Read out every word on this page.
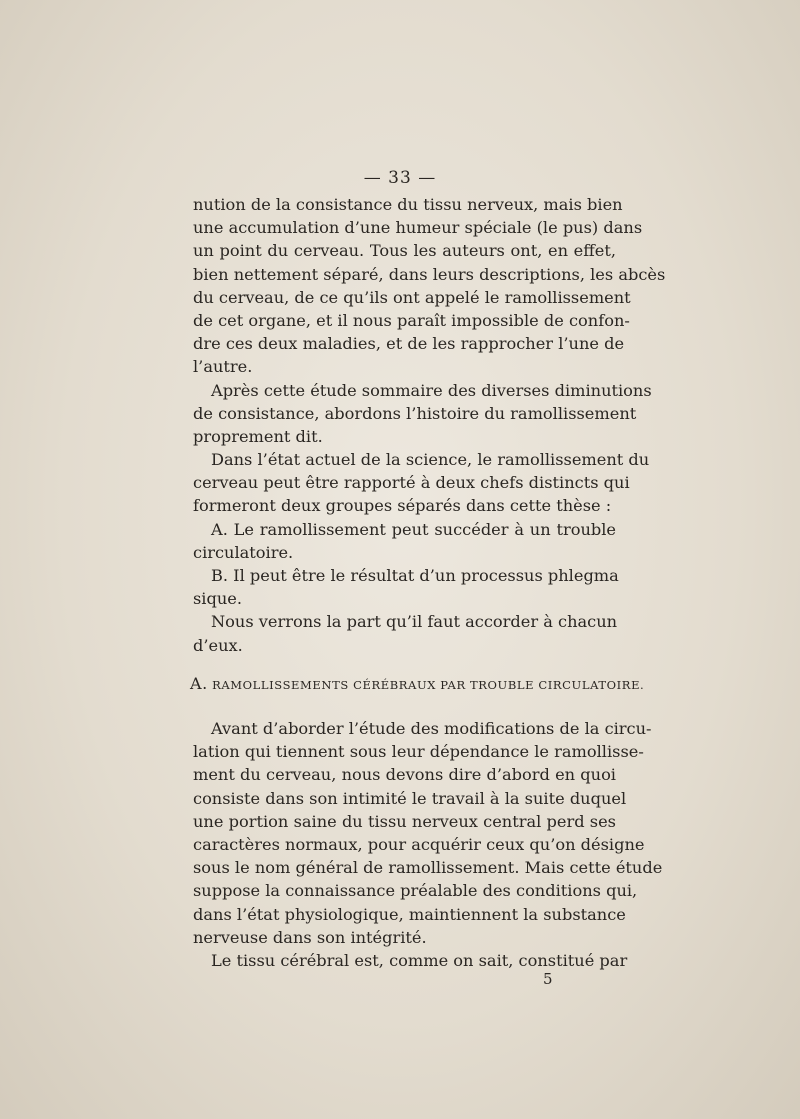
— 33 —
nution de la consistance du tissu nerveux, mais bien
une accumulation d’une humeur spéciale (le pus) dans
un point du cerveau. Tous les auteurs ont, en effet,
bien nettement séparé, dans leurs descriptions, les abcès
du cerveau, de ce qu’ils ont appelé le ramollissement
de cet organe, et il nous paraît impossible de confon-
dre ces deux maladies, et de les rapprocher l’une de
l’autre.
Après cette étude sommaire des diverses diminutions
de consistance, abordons l’histoire du ramollissement
proprement dit.
Dans l’état actuel de la science, le ramollissement du
cerveau peut être rapporté à deux chefs distincts qui
formeront deux groupes séparés dans cette thèse :
A. Le ramollissement peut succéder à un trouble
circulatoire.
B. Il peut être le résultat d’un processus phlegma
sique.
Nous verrons la part qu’il faut accorder à chacun
d’eux.
A. RAMOLLISSEMENTS CÉRÉBRAUX PAR TROUBLE CIRCULATOIRE.
Avant d’aborder l’étude des modifications de la circu-
lation qui tiennent sous leur dépendance le ramollisse-
ment du cerveau, nous devons dire d’abord en quoi
consiste dans son intimité le travail à la suite duquel
une portion saine du tissu nerveux central perd ses
caractères normaux, pour acquérir ceux qu’on désigne
sous le nom général de ramollissement. Mais cette étude
suppose la connaissance préalable des conditions qui,
dans l’état physiologique, maintiennent la substance
nerveuse dans son intégrité.
Le tissu cérébral est, comme on sait, constitué par
5
